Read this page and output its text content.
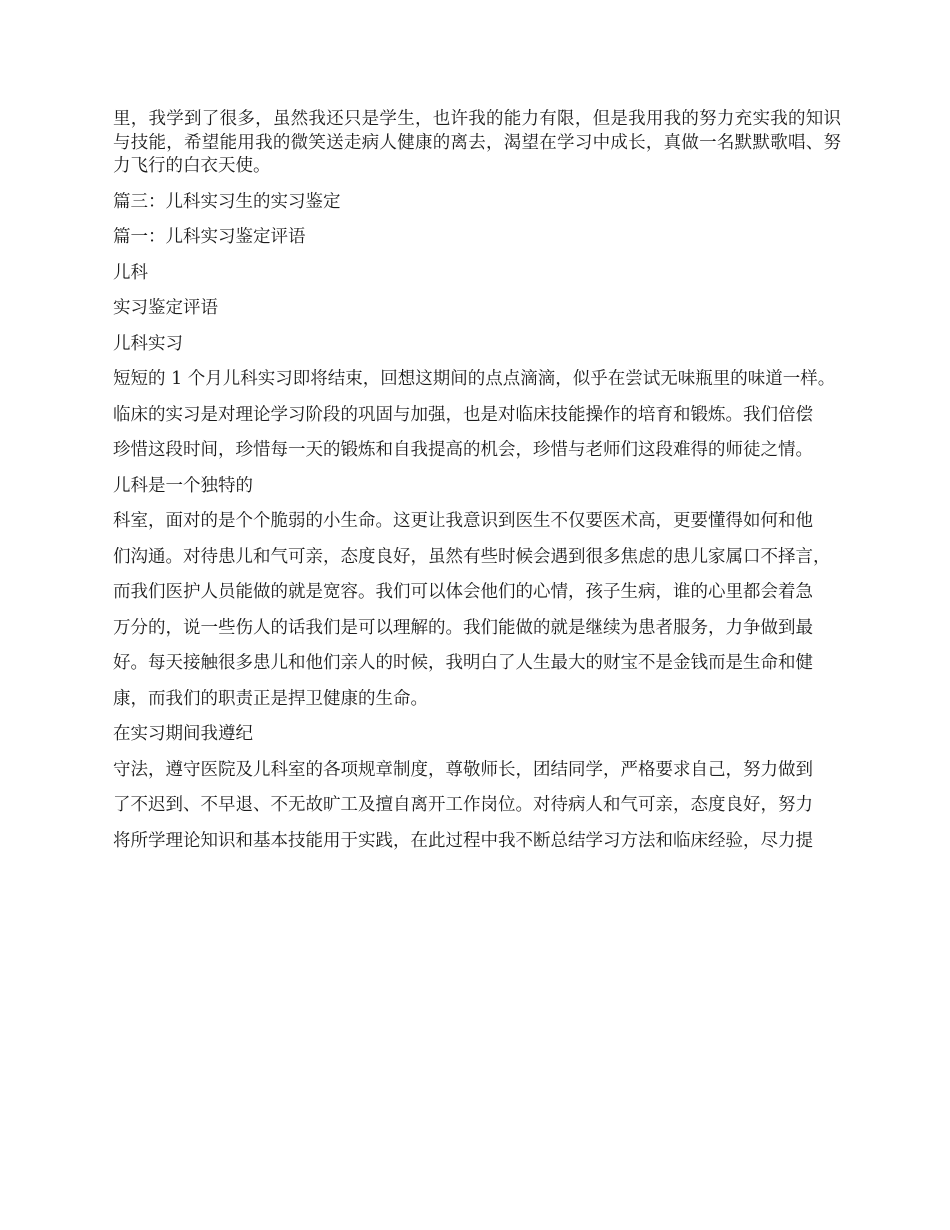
里，我学到了很多，虽然我还只是学生，也许我的能力有限，但是我用我的努力充实我的知识与技能，希望能用我的微笑送走病人健康的离去，渴望在学习中成长，真做一名默默歌唱、努力飞行的白衣天使。

篇三：儿科实习生的实习鉴定

篇一：儿科实习鉴定评语

儿科

实习鉴定评语

儿科实习

短短的 1 个月儿科实习即将结束，回想这期间的点点滴滴，似乎在尝试无味瓶里的味道一样。

临床的实习是对理论学习阶段的巩固与加强，也是对临床技能操作的培育和锻炼。我们倍偿

珍惜这段时间，珍惜每一天的锻炼和自我提高的机会，珍惜与老师们这段难得的师徒之情。

儿科是一个独特的

科室，面对的是个个脆弱的小生命。这更让我意识到医生不仅要医术高，更要懂得如何和他

们沟通。对待患儿和气可亲，态度良好，虽然有些时候会遇到很多焦虑的患儿家属口不择言，

而我们医护人员能做的就是宽容。我们可以体会他们的心情，孩子生病，谁的心里都会着急

万分的，说一些伤人的话我们是可以理解的。我们能做的就是继续为患者服务，力争做到最

好。每天接触很多患儿和他们亲人的时候，我明白了人生最大的财宝不是金钱而是生命和健

康，而我们的职责正是捍卫健康的生命。

在实习期间我遵纪

守法，遵守医院及儿科室的各项规章制度，尊敬师长，团结同学，严格要求自己，努力做到

了不迟到、不早退、不无故旷工及擅自离开工作岗位。对待病人和气可亲，态度良好，努力

将所学理论知识和基本技能用于实践，在此过程中我不断总结学习方法和临床经验，尽力提
